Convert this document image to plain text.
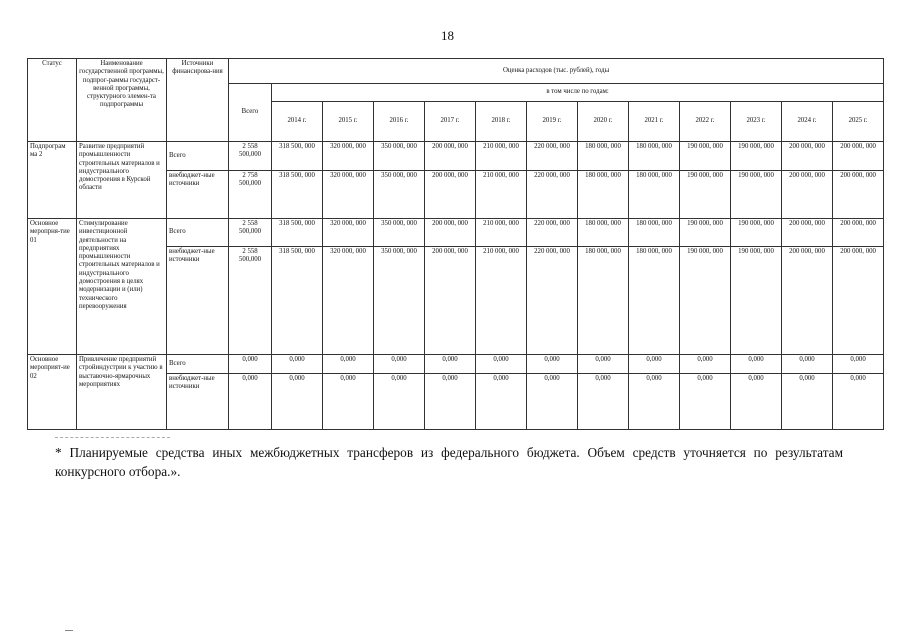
18
Статус	Наименование государственной программы, подпрог-раммы государст-венной программы, структурного элемен-та подпрограммы	Источники финансирова-ния	Оценка расходов (тыс. рублей), годы												
			Всего	в том числе по годам:											
				2014 г.	2015 г.	2016 г.	2017 г.	2018 г.	2019 г.	2020 г.	2021 г.	2022 г.	2023 г.	2024 г.	2025 г.
Подпрограм ма 2	Развитие предприятий промышленности строительных материалов и индустриального домостроения в Курской области	Всего	2 558 500,000	318 500, 000	320 000, 000	350 000, 000	200 000, 000	210 000, 000	220 000, 000	180 000, 000	180 000, 000	190 000, 000	190 000, 000	200 000, 000	200 000, 000
		внебюджет-ные источники	2 758 500,000	318 500, 000	320 000, 000	350 000, 000	200 000, 000	210 000, 000	220 000, 000	180 000, 000	180 000, 000	190 000, 000	190 000, 000	200 000, 000	200 000, 000
Основное меропрня-тие 01	Стимулирование инвестиционной деятельности на предприятиях промышленности строительных материалов и индустриального домостроения в целях модернизации и (или) технического перевооружения	Всего	2 558 500,000	318 500, 000	320 000, 000	350 000, 000	200 000, 000	210 000, 000	220 000, 000	180 000, 000	180 000, 000	190 000, 000	190 000, 000	200 000, 000	200 000, 000
		внебюджет-ные источники	2 558 500,000	318 500, 000	320 000, 000	350 000, 000	200 000, 000	210 000, 000	220 000, 000	180 000, 000	180 000, 000	190 000, 000	190 000, 000	200 000, 000	200 000, 000
Основное мероприят-ие 02	Привлечение предприятий стройиндустрии к участию в выставочно-ярмарочных мероприятиях	Всего	0,000	0,000	0,000	0,000	0,000	0,000	0,000	0,000	0,000	0,000	0,000	0,000	0,000
		внебюджет-ные источники	0,000	0,000	0,000	0,000	0,000	0,000	0,000	0,000	0,000	0,000	0,000	0,000	0,000
* Планируемые средства иных межбюджетных трансферов из федерального бюджета. Объем средств уточняется по результатам конкурсного отбора.».
